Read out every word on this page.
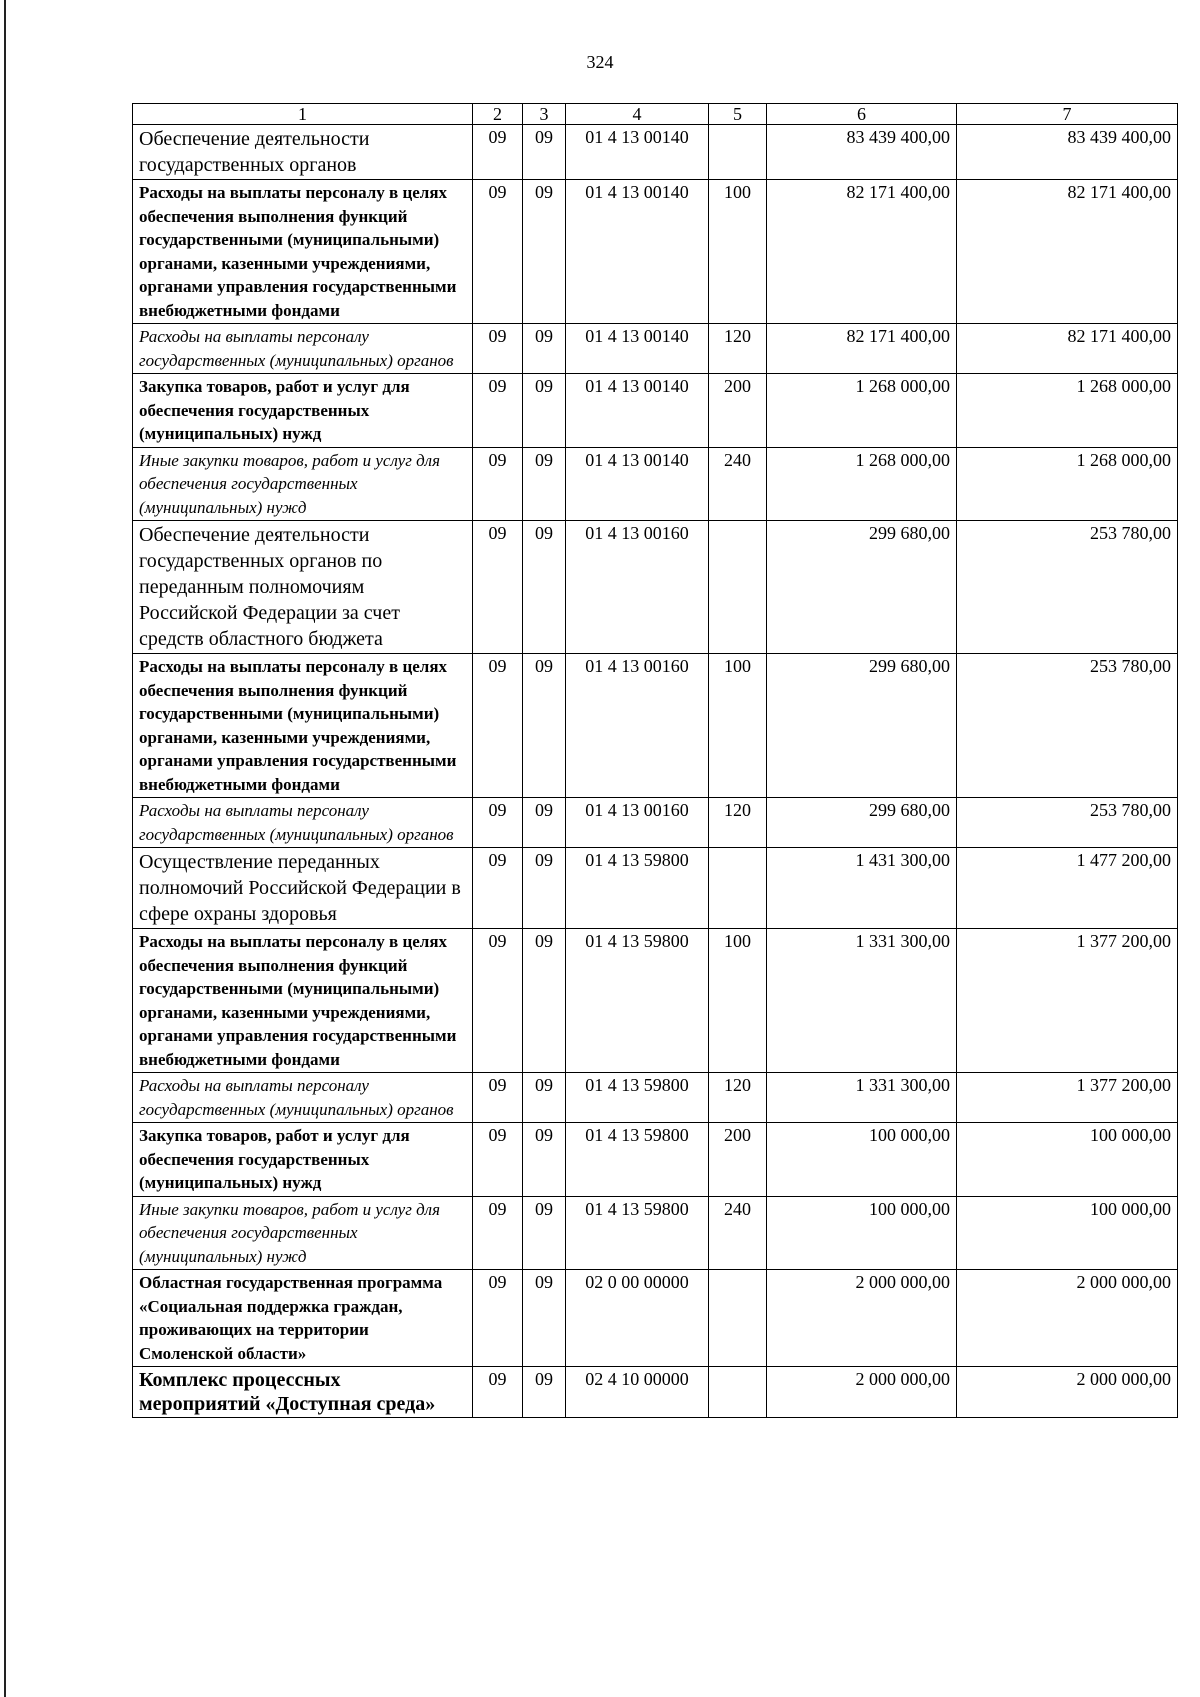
324
1	2	3	4	5	6	7
Обеспечение деятельности государственных органов	09	09	01 4 13 00140		83 439 400,00	83 439 400,00
Расходы на выплаты персоналу в целях обеспечения выполнения функций государственными (муниципальными) органами, казенными учреждениями, органами управления государственными внебюджетными фондами	09	09	01 4 13 00140	100	82 171 400,00	82 171 400,00
Расходы на выплаты персоналу государственных (муниципальных) органов	09	09	01 4 13 00140	120	82 171 400,00	82 171 400,00
Закупка товаров, работ и услуг для обеспечения государственных (муниципальных) нужд	09	09	01 4 13 00140	200	1 268 000,00	1 268 000,00
Иные закупки товаров, работ и услуг для обеспечения государственных (муниципальных) нужд	09	09	01 4 13 00140	240	1 268 000,00	1 268 000,00
Обеспечение деятельности государственных органов по переданным полномочиям Российской Федерации за счет средств областного бюджета	09	09	01 4 13 00160		299 680,00	253 780,00
Расходы на выплаты персоналу в целях обеспечения выполнения функций государственными (муниципальными) органами, казенными учреждениями, органами управления государственными внебюджетными фондами	09	09	01 4 13 00160	100	299 680,00	253 780,00
Расходы на выплаты персоналу государственных (муниципальных) органов	09	09	01 4 13 00160	120	299 680,00	253 780,00
Осуществление переданных полномочий Российской Федерации в сфере охраны здоровья	09	09	01 4 13 59800		1 431 300,00	1 477 200,00
Расходы на выплаты персоналу в целях обеспечения выполнения функций государственными (муниципальными) органами, казенными учреждениями, органами управления государственными внебюджетными фондами	09	09	01 4 13 59800	100	1 331 300,00	1 377 200,00
Расходы на выплаты персоналу государственных (муниципальных) органов	09	09	01 4 13 59800	120	1 331 300,00	1 377 200,00
Закупка товаров, работ и услуг для обеспечения государственных (муниципальных) нужд	09	09	01 4 13 59800	200	100 000,00	100 000,00
Иные закупки товаров, работ и услуг для обеспечения государственных (муниципальных) нужд	09	09	01 4 13 59800	240	100 000,00	100 000,00
Областная государственная программа «Социальная поддержка граждан, проживающих на территории Смоленской области»	09	09	02 0 00 00000		2 000 000,00	2 000 000,00
Комплекс процессных мероприятий «Доступная среда»	09	09	02 4 10 00000		2 000 000,00	2 000 000,00
